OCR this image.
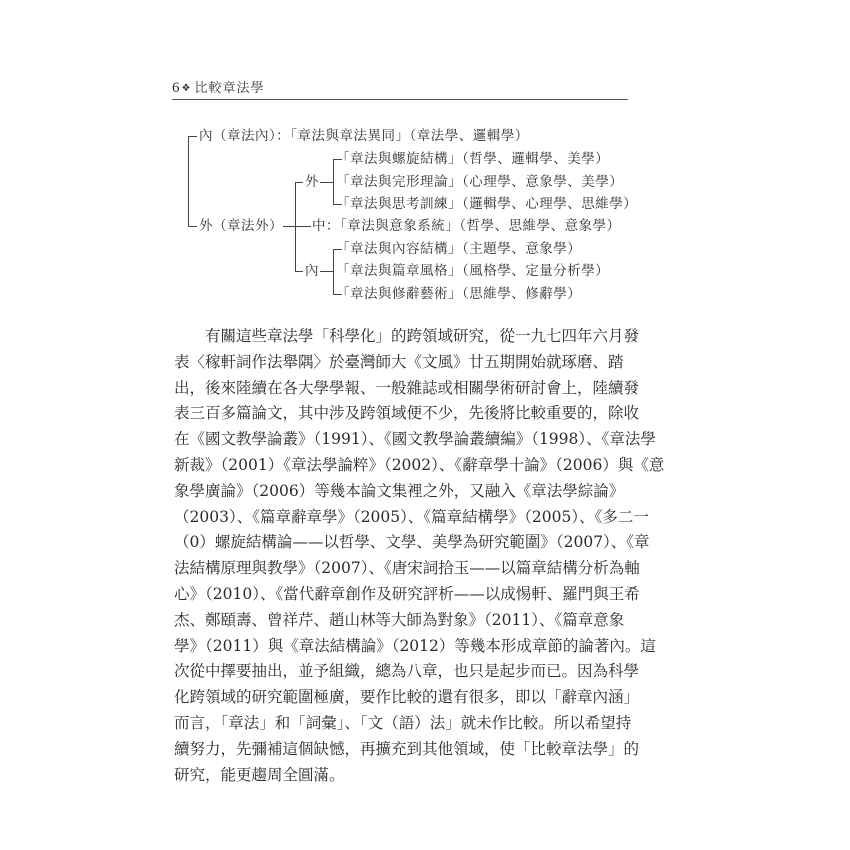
6 ❖ 比較章法學
內（章法內）：「章法與章法異同」（章法學、邏輯學）
外（章法外）
外
中：「章法與意象系統」（哲學、思維學、意象學）
內
「章法與螺旋結構」（哲學、邏輯學、美學）
「章法與完形理論」（心理學、意象學、美學）
「章法與思考訓練」（邏輯學、心理學、思維學）
「章法與內容結構」（主題學、意象學）
「章法與篇章風格」（風格學、定量分析學）
「章法與修辭藝術」（思維學、修辭學）
　　有關這些章法學「科學化」的跨領域研究，從一九七四年六月發
表〈稼軒詞作法舉隅〉於臺灣師大《文風》廿五期開始就琢磨、踏
出，後來陸續在各大學學報、一般雜誌或相關學術研討會上，陸續發
表三百多篇論文，其中涉及跨領域便不少，先後將比較重要的，除收
在《國文教學論叢》（1991）、《國文教學論叢續編》（1998）、《章法學
新裁》（2001）《章法學論粹》（2002）、《辭章學十論》（2006）與《意
象學廣論》（2006）等幾本論文集裡之外，又融入《章法學綜論》
（2003）、《篇章辭章學》（2005）、《篇章結構學》（2005）、《多二一
（0）螺旋結構論——以哲學、文學、美學為研究範圍》（2007）、《章
法結構原理與教學》（2007）、《唐宋詞拾玉——以篇章結構分析為軸
心》（2010）、《當代辭章創作及研究評析——以成惕軒、羅門與王希
杰、鄭頤壽、曾祥芹、趙山林等大師為對象》（2011）、《篇章意象
學》（2011）與《章法結構論》（2012）等幾本形成章節的論著內。這
次從中擇要抽出，並予組織，總為八章，也只是起步而已。因為科學
化跨領域的研究範圍極廣，要作比較的還有很多，即以「辭章內涵」
而言，「章法」和「詞彙」、「文（語）法」就未作比較。所以希望持
續努力，先彌補這個缺憾，再擴充到其他領域，使「比較章法學」的
研究，能更趨周全圓滿。
